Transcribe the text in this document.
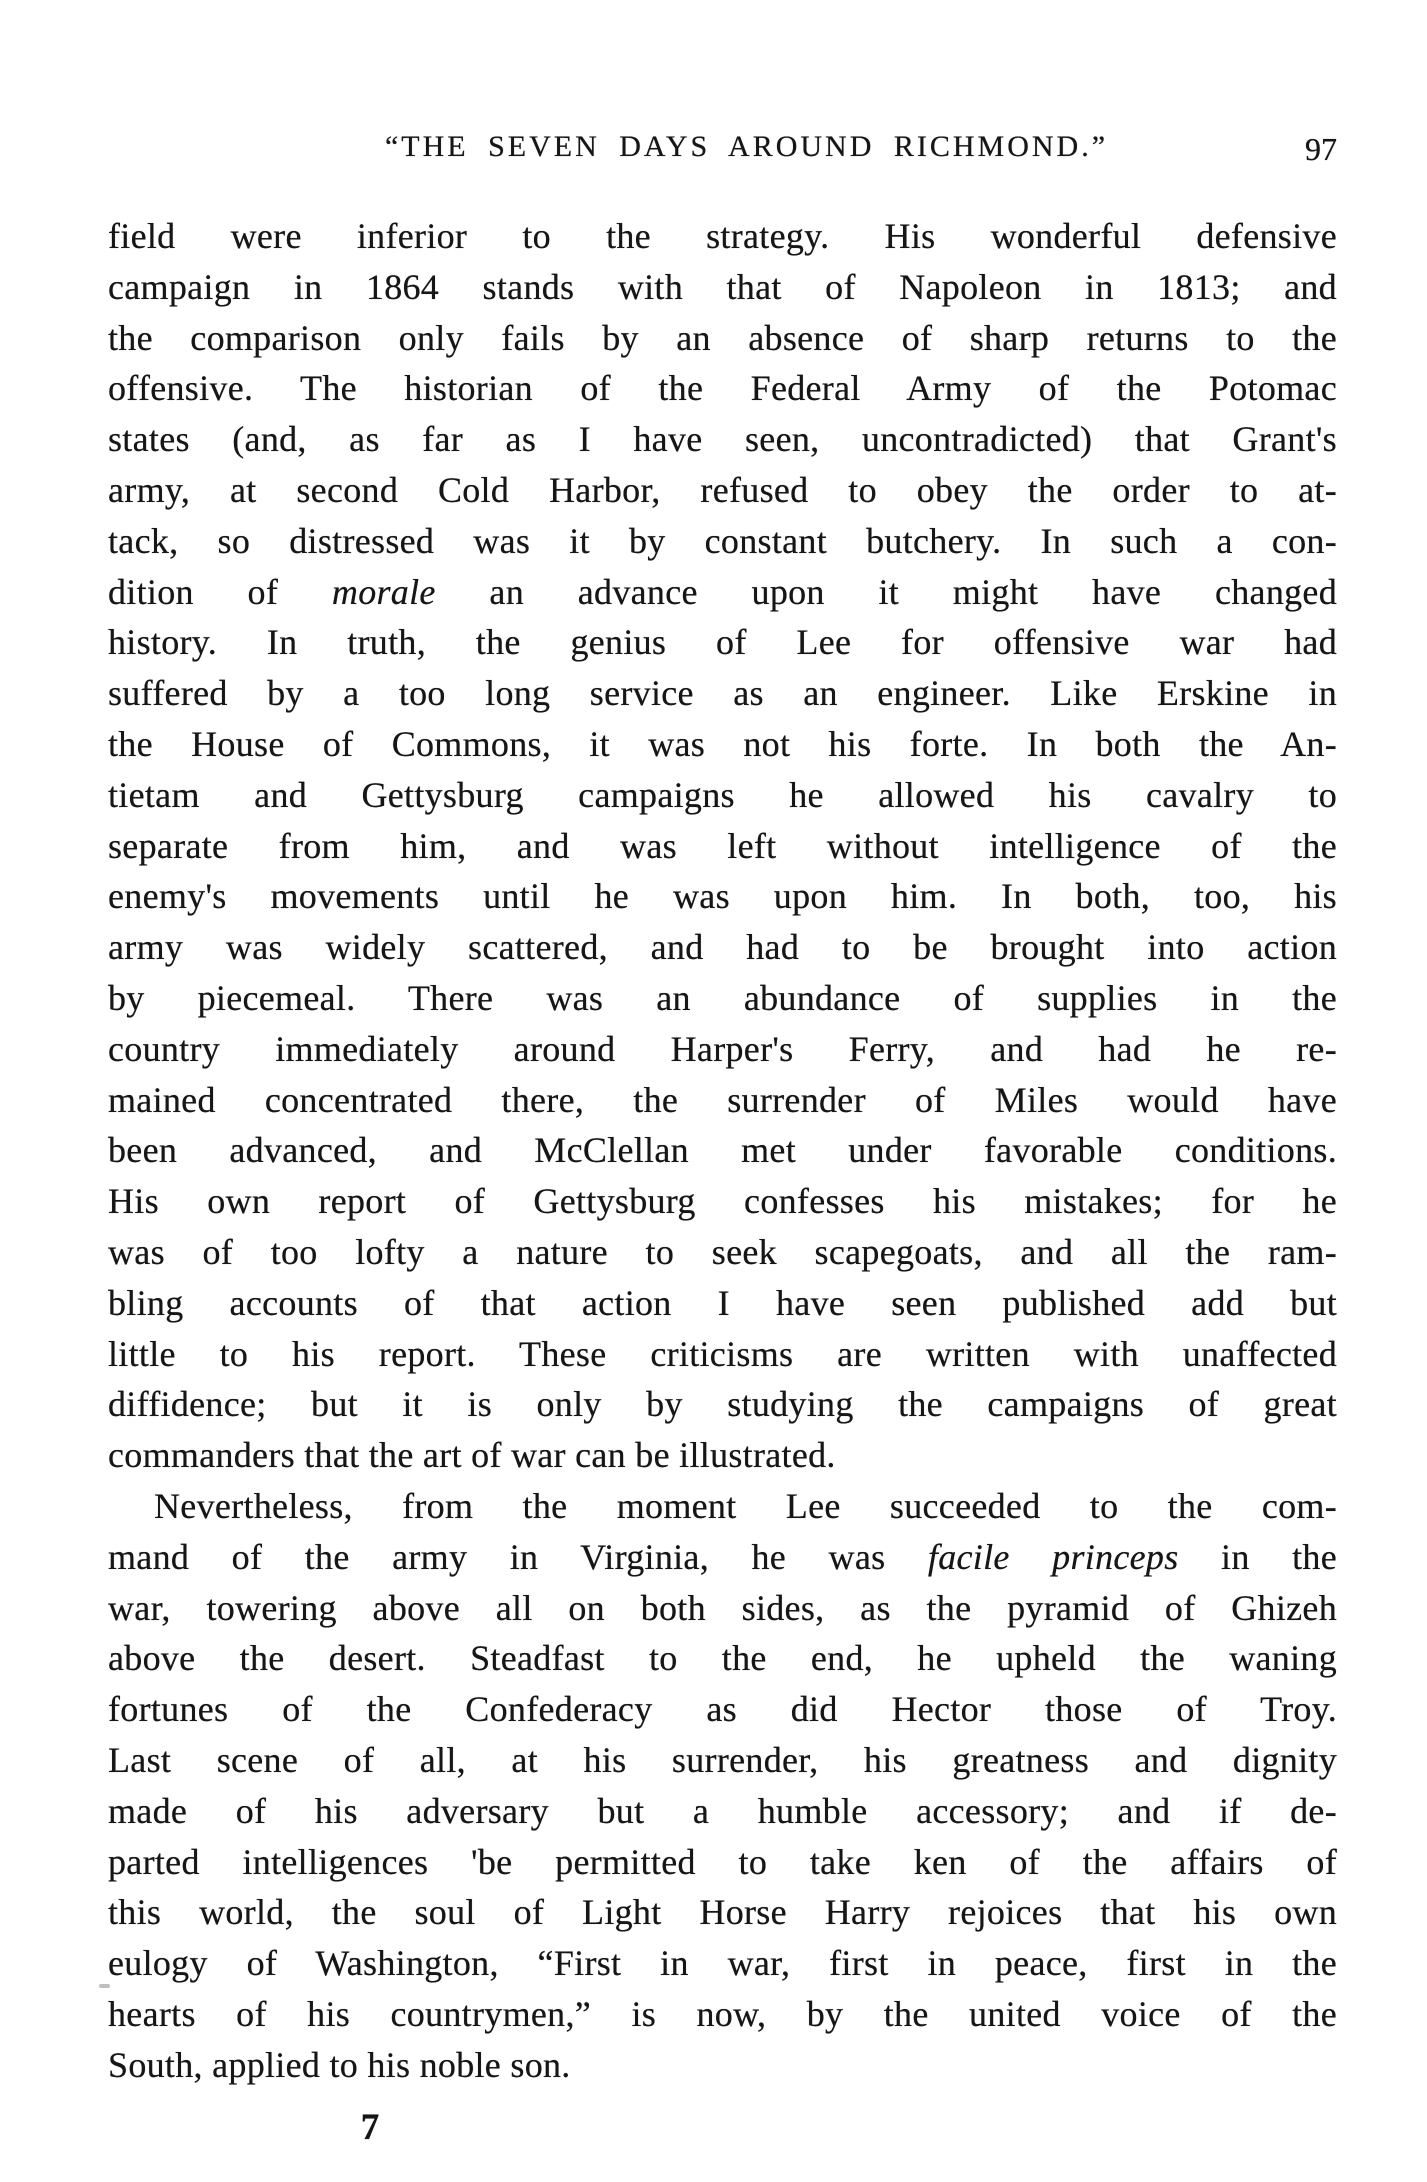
“THE SEVEN DAYS AROUND RICHMOND.”	97
field were inferior to the strategy. His wonderful defensive
campaign in 1864 stands with that of Napoleon in 1813; and
the comparison only fails by an absence of sharp returns to the
offensive. The historian of the Federal Army of the Potomac
states (and, as far as I have seen, uncontradicted) that Grant's
army, at second Cold Harbor, refused to obey the order to at-
tack, so distressed was it by constant butchery. In such a con-
dition of morale an advance upon it might have changed
history. In truth, the genius of Lee for offensive war had
suffered by a too long service as an engineer. Like Erskine in
the House of Commons, it was not his forte. In both the An-
tietam and Gettysburg campaigns he allowed his cavalry to
separate from him, and was left without intelligence of the
enemy's movements until he was upon him. In both, too, his
army was widely scattered, and had to be brought into action
by piecemeal. There was an abundance of supplies in the
country immediately around Harper's Ferry, and had he re-
mained concentrated there, the surrender of Miles would have
been advanced, and McClellan met under favorable conditions.
His own report of Gettysburg confesses his mistakes; for he
was of too lofty a nature to seek scapegoats, and all the ram-
bling accounts of that action I have seen published add but
little to his report. These criticisms are written with unaffected
diffidence; but it is only by studying the campaigns of great
commanders that the art of war can be illustrated.
Nevertheless, from the moment Lee succeeded to the com-
mand of the army in Virginia, he was facile princeps in the
war, towering above all on both sides, as the pyramid of Ghizeh
above the desert. Steadfast to the end, he upheld the waning
fortunes of the Confederacy as did Hector those of Troy.
Last scene of all, at his surrender, his greatness and dignity
made of his adversary but a humble accessory; and if de-
parted intelligences 'be permitted to take ken of the affairs of
this world, the soul of Light Horse Harry rejoices that his own
eulogy of Washington, “First in war, first in peace, first in the
hearts of his countrymen,” is now, by the united voice of the
South, applied to his noble son.
7
